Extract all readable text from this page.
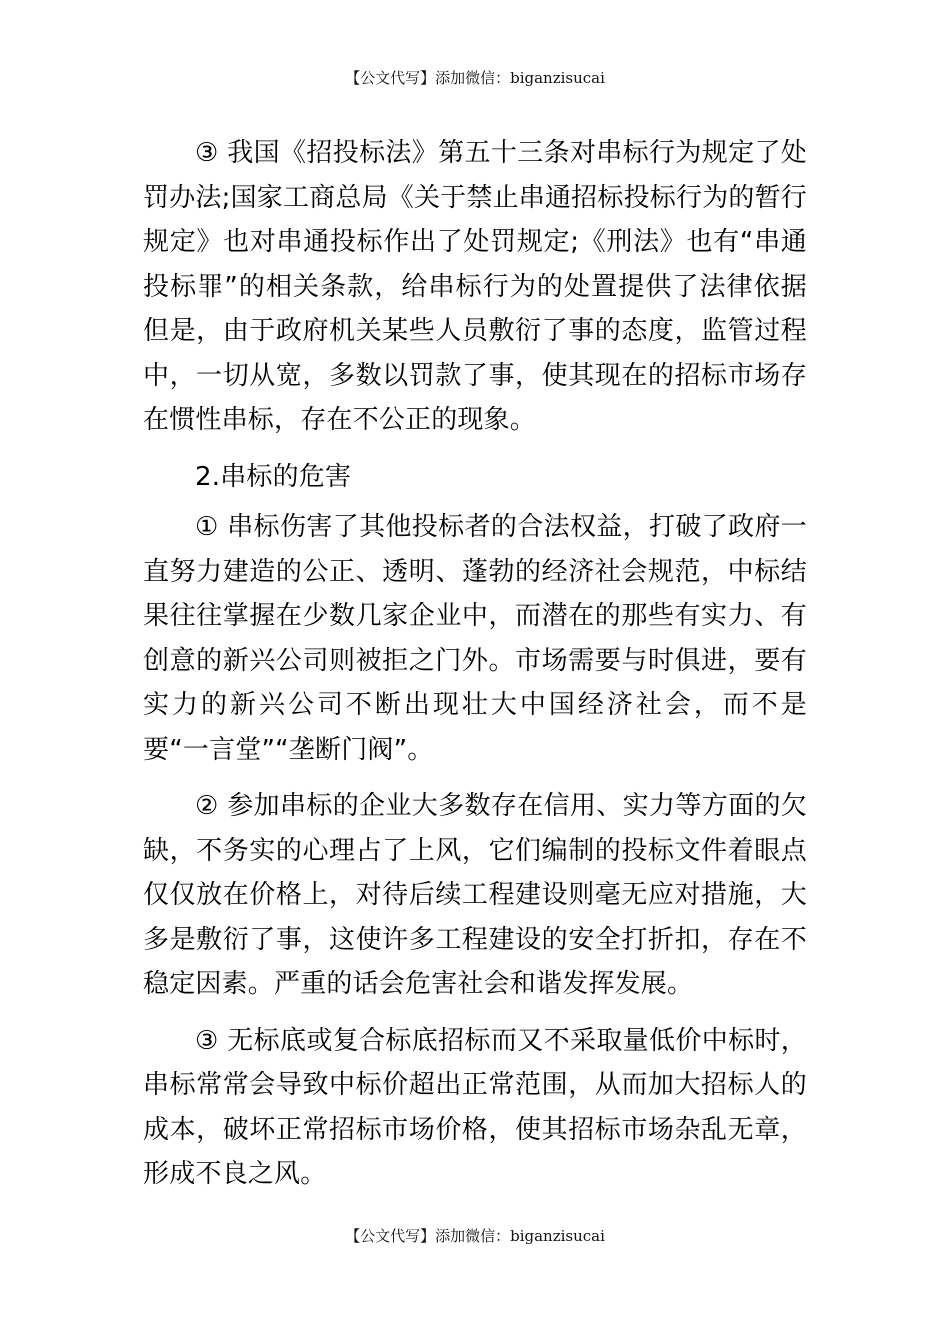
【公文代写】添加微信：biganzisucai

③ 我国《招投标法》第五十三条对串标行为规定了处罚办法;国家工商总局《关于禁止串通招标投标行为的暂行规定》也对串通投标作出了处罚规定;《刑法》也有“串通投标罪”的相关条款，给串标行为的处置提供了法律依据但是，由于政府机关某些人员敷衍了事的态度，监管过程中，一切从宽，多数以罚款了事，使其现在的招标市场存在惯性串标，存在不公正的现象。

2.串标的危害

① 串标伤害了其他投标者的合法权益，打破了政府一直努力建造的公正、透明、蓬勃的经济社会规范，中标结果往往掌握在少数几家企业中，而潜在的那些有实力、有创意的新兴公司则被拒之门外。市场需要与时俱进，要有实力的新兴公司不断出现壮大中国经济社会，而不是要“一言堂”“垄断门阀”。

② 参加串标的企业大多数存在信用、实力等方面的欠缺，不务实的心理占了上风，它们编制的投标文件着眼点仅仅放在价格上，对待后续工程建设则毫无应对措施，大多是敷衍了事，这使许多工程建设的安全打折扣，存在不稳定因素。严重的话会危害社会和谐发挥发展。

③ 无标底或复合标底招标而又不采取量低价中标时，串标常常会导致中标价超出正常范围，从而加大招标人的成本，破坏正常招标市场价格，使其招标市场杂乱无章，形成不良之风。

【公文代写】添加微信：biganzisucai
